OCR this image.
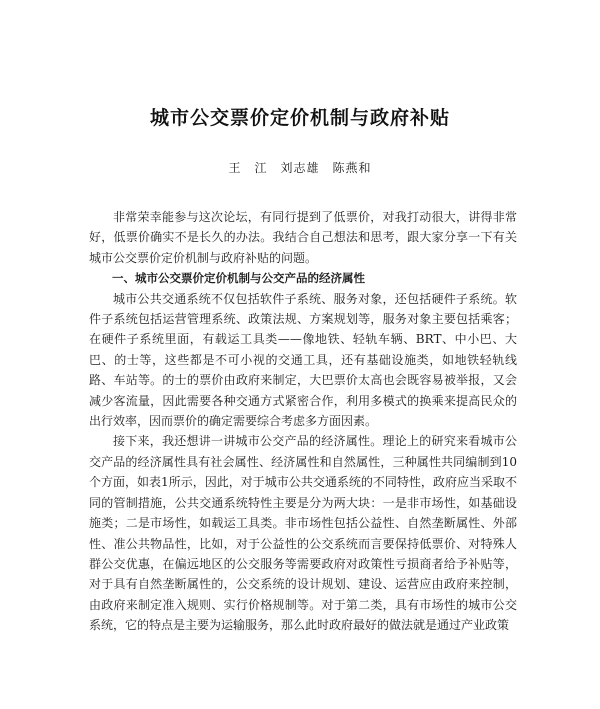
城市公交票价定价机制与政府补贴
王　江　刘志雄　陈燕和

非常荣幸能参与这次论坛，有同行提到了低票价，对我打动很大，讲得非常好，低票价确实不是长久的办法。我结合自己想法和思考，跟大家分享一下有关城市公交票价定价机制与政府补贴的问题。

一、城市公交票价定价机制与公交产品的经济属性

城市公共交通系统不仅包括软件子系统、服务对象，还包括硬件子系统。软件子系统包括运营管理系统、政策法规、方案规划等，服务对象主要包括乘客；在硬件子系统里面，有载运工具类——像地铁、轻轨车辆、BRT、中小巴、大巴、的士等，这些都是不可小视的交通工具，还有基础设施类，如地铁轻轨线路、车站等。的士的票价由政府来制定，大巴票价太高也会既容易被举报，又会减少客流量，因此需要各种交通方式紧密合作，利用多模式的换乘来提高民众的出行效率，因而票价的确定需要综合考虑多方面因素。

接下来，我还想讲一讲城市公交产品的经济属性。理论上的研究来看城市公交产品的经济属性具有社会属性、经济属性和自然属性，三种属性共同编制到10个方面，如表1所示，因此，对于城市公共交通系统的不同特性，政府应当采取不同的管制措施，公共交通系统特性主要是分为两大块：一是非市场性，如基础设施类；二是市场性，如载运工具类。非市场性包括公益性、自然垄断属性、外部性、准公共物品性，比如，对于公益性的公交系统而言要保持低票价、对特殊人群公交优惠，在偏远地区的公交服务等需要政府对政策性亏损商者给予补贴等，对于具有自然垄断属性的，公交系统的设计规划、建设、运营应由政府来控制，由政府来制定准入规则、实行价格规制等。对于第二类，具有市场性的城市公交系统，它的特点是主要为运输服务，那么此时政府最好的做法就是通过产业政策
